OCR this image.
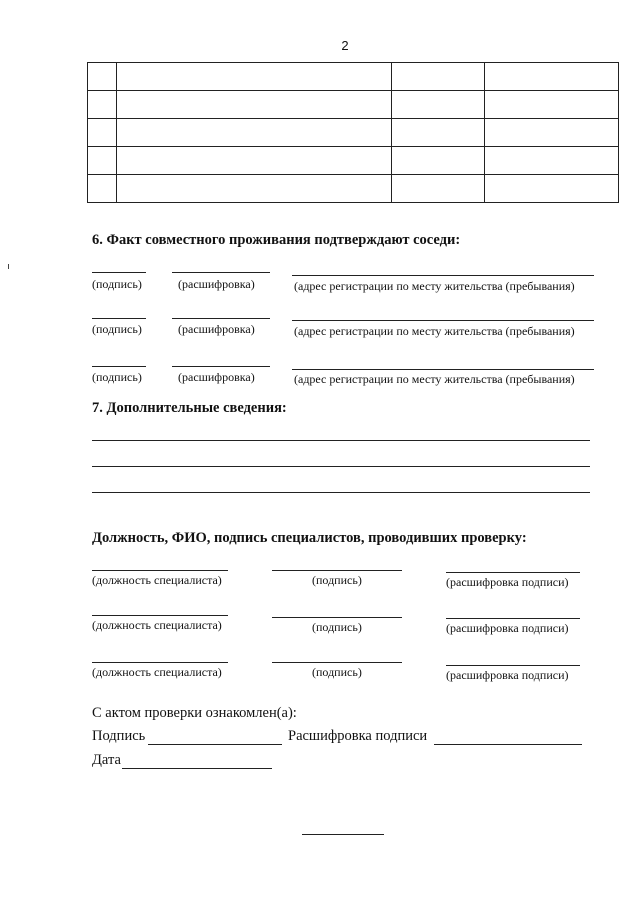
2

6. Факт совместного проживания подтверждают соседи:
(подпись)	(расшифровка)	(адрес регистрации по месту жительства (пребывания)
(подпись)	(расшифровка)	(адрес регистрации по месту жительства (пребывания)
(подпись)	(расшифровка)	(адрес регистрации по месту жительства (пребывания)
7. Дополнительные сведения:
Должность, ФИО, подпись специалистов, проводивших проверку:
(должность специалиста)	(подпись)	(расшифровка подписи)
(должность специалиста)	(подпись)	(расшифровка подписи)
(должность специалиста)	(подпись)	(расшифровка подписи)
С актом проверки ознакомлен(а):
Подпись	Расшифровка подписи
Дата
